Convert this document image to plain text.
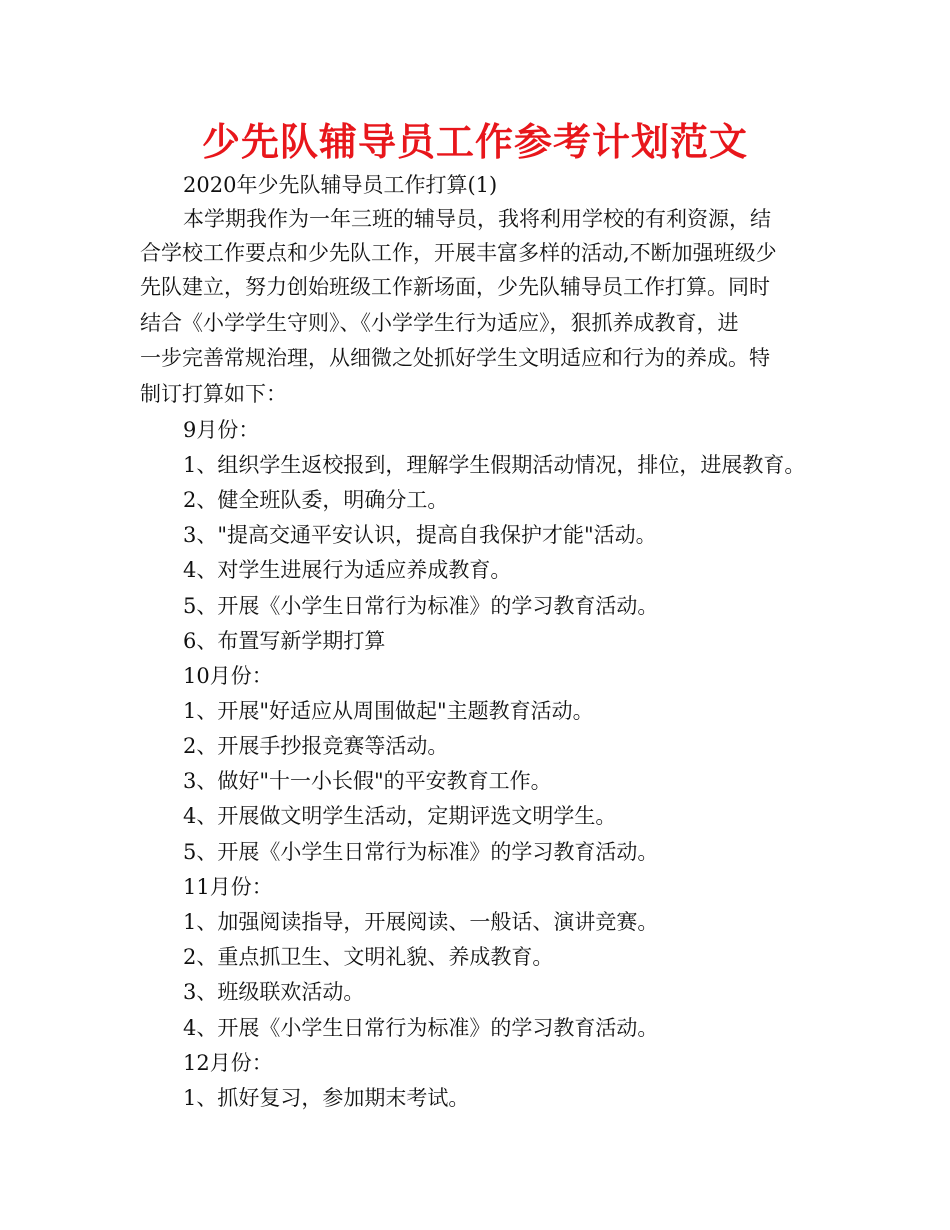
少先队辅导员工作参考计划范文

2020年少先队辅导员工作打算(1)

本学期我作为一年三班的辅导员，我将利用学校的有利资源，结

合学校工作要点和少先队工作，开展丰富多样的活动,不断加强班级少

先队建立，努力创始班级工作新场面，少先队辅导员工作打算。同时

结合《小学学生守则》、《小学学生行为适应》，狠抓养成教育，进

一步完善常规治理，从细微之处抓好学生文明适应和行为的养成。特

制订打算如下：

9月份：

1、组织学生返校报到，理解学生假期活动情况，排位，进展教育。

2、健全班队委，明确分工。

3、"提高交通平安认识，提高自我保护才能"活动。

4、对学生进展行为适应养成教育。

5、开展《小学生日常行为标准》的学习教育活动。

6、布置写新学期打算

10月份：

1、开展"好适应从周围做起"主题教育活动。

2、开展手抄报竞赛等活动。

3、做好"十一小长假"的平安教育工作。

4、开展做文明学生活动，定期评选文明学生。

5、开展《小学生日常行为标准》的学习教育活动。

11月份：

1、加强阅读指导，开展阅读、一般话、演讲竞赛。

2、重点抓卫生、文明礼貌、养成教育。

3、班级联欢活动。

4、开展《小学生日常行为标准》的学习教育活动。

12月份：

1、抓好复习，参加期末考试。
